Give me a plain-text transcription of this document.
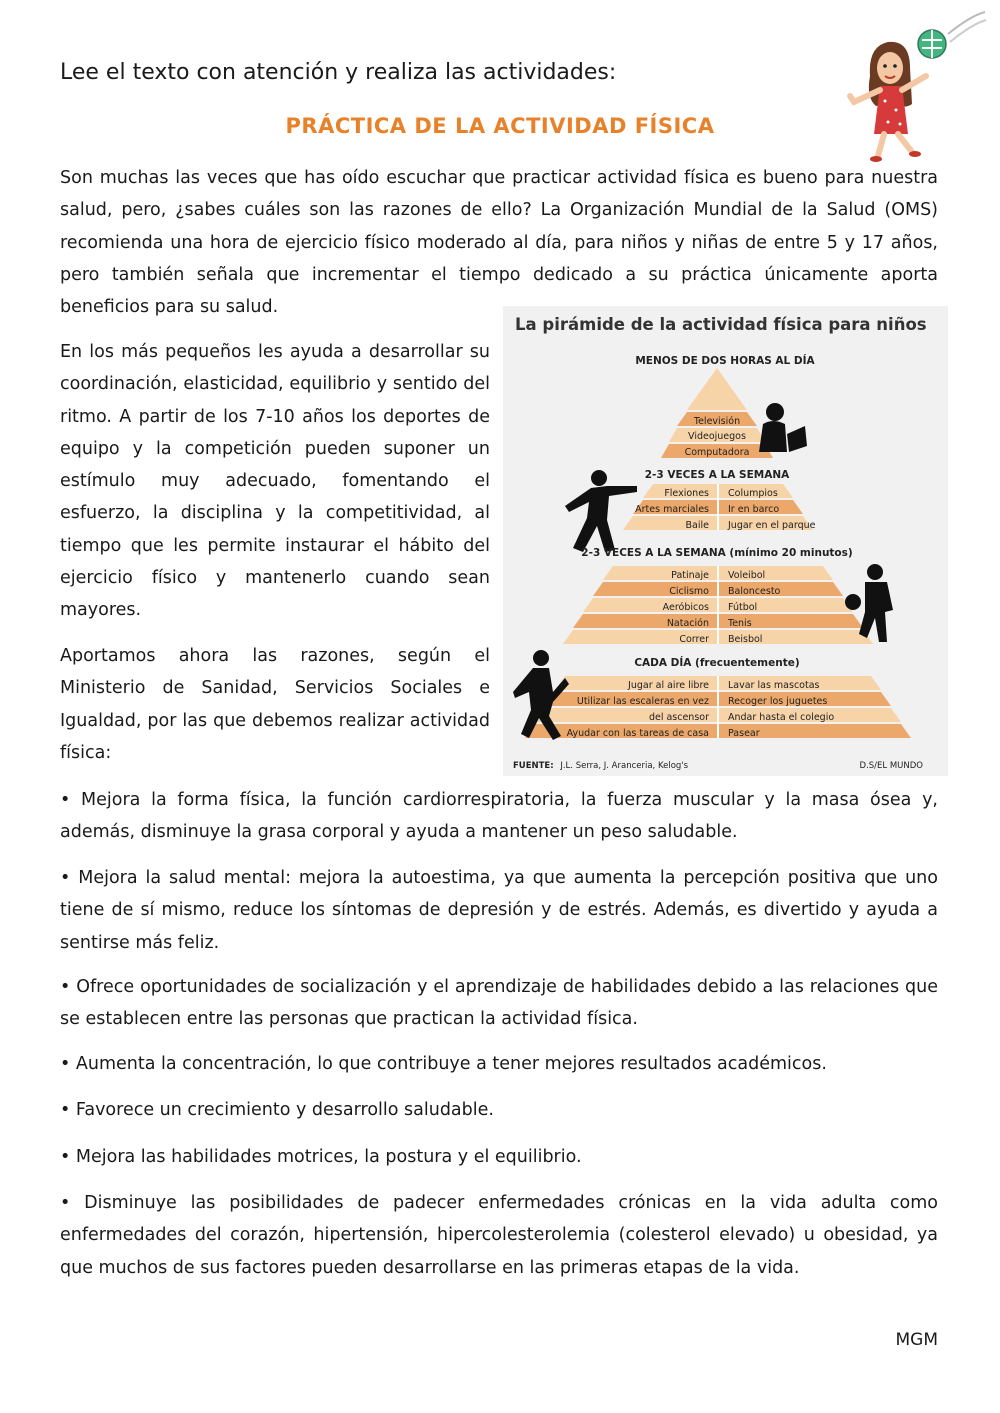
Lee el texto con atención y realiza las actividades:
PRÁCTICA DE LA ACTIVIDAD FÍSICA

Son muchas las veces que has oído escuchar que practicar actividad física es bueno para nuestra salud, pero, ¿sabes cuáles son las razones de ello? La Organización Mundial de la Salud (OMS) recomienda una hora de ejercicio físico moderado al día, para niños y niñas de entre 5 y 17 años, pero también señala que incrementar el tiempo dedicado a su práctica únicamente aporta beneficios para su salud.

En los más pequeños les ayuda a desarrollar su coordinación, elasticidad, equilibrio y sentido del ritmo. A partir de los 7-10 años los deportes de equipo y la competición pueden suponer un estímulo muy adecuado, fomentando el esfuerzo, la disciplina y la competitividad, al tiempo que les permite instaurar el hábito del ejercicio físico y mantenerlo cuando sean mayores.

Aportamos ahora las razones, según el Ministerio de Sanidad, Servicios Sociales e Igualdad, por las que debemos realizar actividad física:

La pirámide de la actividad física para niños
MENOS DE DOS HORAS AL DÍA
Televisión
Videojuegos
Computadora
2-3 VECES A LA SEMANA
Flexiones
Artes marciales
Baile
Columpios
Ir en barco
Jugar en el parque
2-3 VECES A LA SEMANA (mínimo 20 minutos)
Patinaje
Ciclismo
Aeróbicos
Natación
Correr
Voleibol
Baloncesto
Fútbol
Tenis
Beisbol
CADA DÍA (frecuentemente)
Jugar al aire libre
Utilizar las escaleras en vez
del ascensor
Ayudar con las tareas de casa
Lavar las mascotas
Recoger los juguetes
Andar hasta el colegio
Pasear
FUENTE: J.L. Serra, J. Aranceria, Kelog's	D.S/EL MUNDO

• Mejora la forma física, la función cardiorrespiratoria, la fuerza muscular y la masa ósea y, además, disminuye la grasa corporal y ayuda a mantener un peso saludable.

• Mejora la salud mental: mejora la autoestima, ya que aumenta la percepción positiva que uno tiene de sí mismo, reduce los síntomas de depresión y de estrés. Además, es divertido y ayuda a sentirse más feliz.

• Ofrece oportunidades de socialización y el aprendizaje de habilidades debido a las relaciones que se establecen entre las personas que practican la actividad física.

• Aumenta la concentración, lo que contribuye a tener mejores resultados académicos.

• Favorece un crecimiento y desarrollo saludable.

• Mejora las habilidades motrices, la postura y el equilibrio.

• Disminuye las posibilidades de padecer enfermedades crónicas en la vida adulta como enfermedades del corazón, hipertensión, hipercolesterolemia (colesterol elevado) u obesidad, ya que muchos de sus factores pueden desarrollarse en las primeras etapas de la vida.

MGM
